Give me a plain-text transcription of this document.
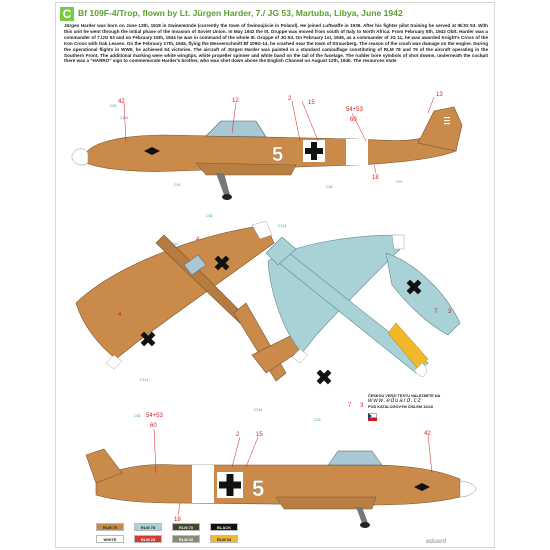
C Bf 109F-4/Trop, flown by Lt. Jürgen Harder, 7./ JG 53, Martuba, Libya, June 1942
Jürgen Harder was born on June 13th, 1918 in Swinemünde (currently the town of Świnoujście in Poland). He joined Luftwaffe in 1939. After his fighter pilot training he served at III/JG 53. With this unit he went through the initial phase of the invasion of Soviet Union. In May 1942 the III. Gruppe was moved from south of Italy to North Africa. From February 5th, 1943 Oblt. Harder was a commander of 7./JG 53 and on February 15th, 1944 he was in command of the whole III. Gruppe of JG 53. On February 1st, 1945, as a commander of JG 11, he was awarded Knight's Cross of the Iron Cross with Oak Leaves. On the February 17th, 1945, flying the Messerschmitt Bf 109G-14, he crashed near the town of Strausberg. The reason of the crash was damage on the engine. During the operational flights in WWII, he achieved 64 victories. The aircraft of Jürgen Harder was painted in a standard camouflage constituting of RLM 78 and 79 of the aircraft operating in the Southern Front. The additional marking were white wingtips, white propeller spinner and white band on the tail of the fuselage. The rudder bore symbols of shot downs, underneath the cockpit there was a "HARRO" sign to commemorate Harder's brother, who was shot down above the English Channel on August 12th, 1940. The resources state
5
42	12	2
15
54+53
60
13
18
C53
C116
C92	C82
C97
4
4
C110
C114
C116
C82
7 3
7 3
C114
C92
5
54+53
60
2	15	42
18
C82
ČESKOU VERZI TEXTU NALEZNETE NA
www.eduard.cz
POD KATALOGOVÝM ČÍSLEM 11116
RLM 79	RLM 78	RLM 70	BLACK
WHITE	RLM 23	RLM 02	RLM 04	eduard
